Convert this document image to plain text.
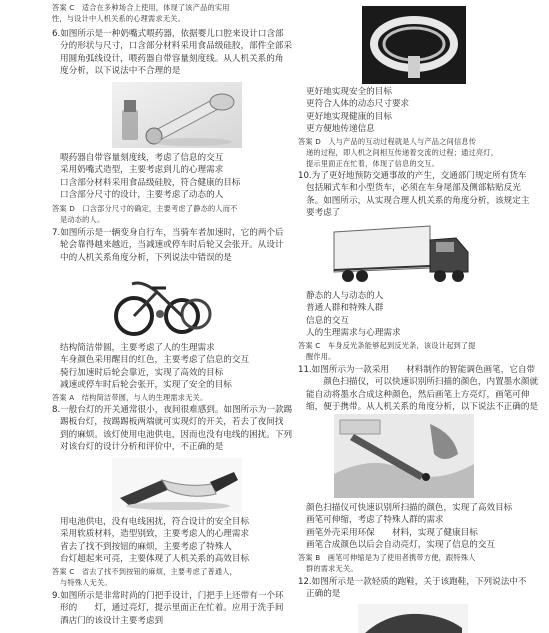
答案 C　适合在多种场合上使用，体现了该产品的实用
性，与设计中人机关系的心理需求无关。
6.如图所示是一种奶嘴式喂药器，依据婴儿口腔来设计口含部
分的形状与尺寸，口含部分材料采用食品级硅胶，部件全部采
用圆角弧线设计，喂药器自带容量刻度线。从人机关系的角
度分析，以下说法中不合理的是
喂药器自带容量刻度线，考虑了信息的交互
采用奶嘴式造型，主要考虑到儿的心理需求
口含部分材料采用食品级硅胶，符合健康的目标
口含部分尺寸的设计，主要考虑了动态的人
答案 D　口含部分尺寸的确定，主要考虑了静态的人而不
是动态的人。
7.如图所示是一辆变身自行车，当骑车者加速时，它的两个后
轮会靠得越来越近，当减速或停车时后轮又会张开。从设计
中的人机关系角度分析，下列说法中错误的是
结构简洁带圆，主要考虑了人的生理需求
车身颜色采用醒目的红色，主要考虑了信息的交互
骑行加速时后轮会靠近，实现了高效的目标
减速或停车时后轮会张开，实现了安全的目标
答案 A　结构简洁带圆，与人的生理需求无关。
8.一般台灯的开关通常很小，夜间很难感到。如图所示为一款踢
踢板台灯，按踢踢板两端就可实现灯的开关，若去了夜间找
到的麻烦。该灯使用电池供电，因而也没有电线的困扰。下列
对该台灯的设计分析和评价中，不正确的是
用电池供电，没有电线困扰，符合设计的安全目标
采用软质材料，造型别致，主要考虑人的心理需求
省去了找不到按钮的麻烦，主要考虑了特殊人
台灯超起来可亮，主要体现了人机关系的高效目标
答案 C　省去了找不到按钮的麻烦，主要考虑了普通人，
与特殊人无关。
9.如图所示是非常时尚的门把手设计，门把手上还带有一个环
形的　　灯，通过亮灯，提示里面正在忙着。应用于洗手间
酒店门的该设计主要考虑到
更好地实现安全的目标
更符合人体的动态尺寸要求
更好地实现健康的目标
更方便地传递信息
答案 D　人与产品的互动过程就是人与产品之间信息传
递的过程，即人机之间相互传递着交流的过程；通过亮灯，
提示里面正在忙着，体现了信息的交互。
10.为了更好地预防交通事故的产生，交通部门规定所有货车
包括厢式车和小型货车，必须在车身尾部及侧部粘贴反光
条。如图所示，从实现合理人机关系的角度分析，该规定主
要考虑了
静态的人与动态的人
普通人群和特殊人群
信息的交互
人的生理需求与心理需求
答案 C　车身反光条能够起到反光条，该设计起到了提
醒作用。
11.如图所示为一款采用　　材料制作的智能调色画笔，它自带
　　颜色扫描仪，可以快速识别所扫描的颜色，内置墨水颜就
能自动将墨水合成这种颜色，然后画笔上方亮灯，画笔可伸
缩，便于携带。从人机关系的角度分析，以下说法不正确的是
颜色扫描仪可快速识别所扫描的颜色，实现了高效目标
画笔可伸缩，考虑了特殊人群的需求
画笔外壳采用环保　　材料，实现了健康目标
画笔合成颜色以后会自动亮灯，实现了信息的交互
答案 B　画笔可伸缩是为了使用者携带方便，跟特殊人
群的需求无关。
12.如图所示是一款轻质的跑鞋，关于该跑鞋，下列说法中不
正确的是
